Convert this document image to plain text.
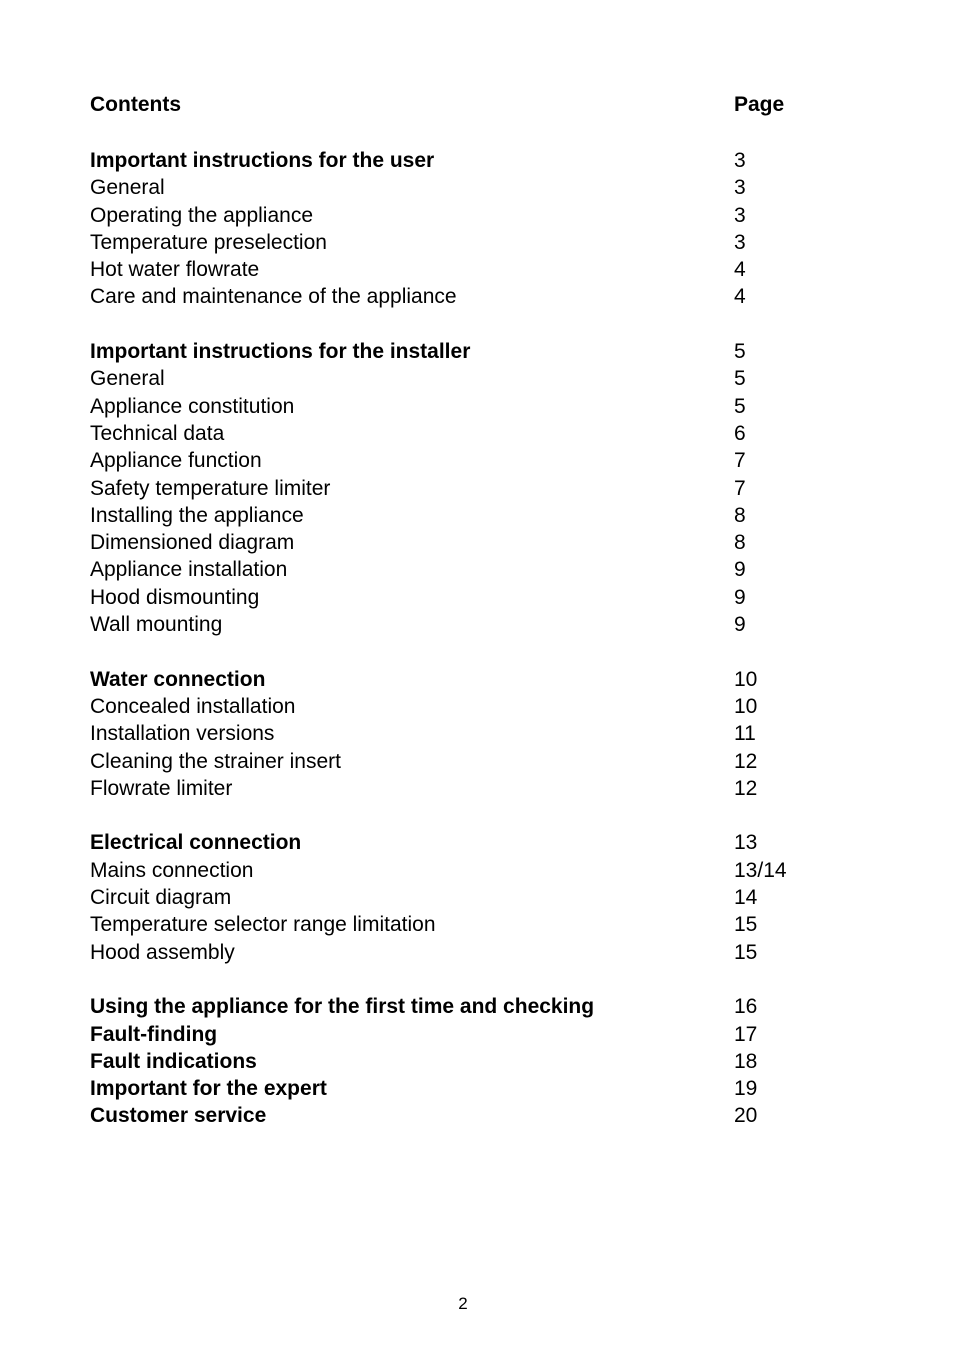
Contents	Page
Important instructions for the user	3
General	3
Operating the appliance	3
Temperature preselection	3
Hot water flowrate	4
Care and maintenance of the appliance	4
Important instructions for the installer	5
General	5
Appliance constitution	5
Technical data	6
Appliance function	7
Safety temperature limiter	7
Installing the appliance	8
Dimensioned diagram	8
Appliance installation	9
Hood dismounting	9
Wall mounting	9
Water connection	10
Concealed installation	10
Installation versions	11
Cleaning the strainer insert	12
Flowrate limiter	12
Electrical connection	13
Mains connection	13/14
Circuit diagram	14
Temperature selector range limitation	15
Hood assembly	15
Using the appliance for the first time and checking	16
Fault-finding	17
Fault indications	18
Important for the expert	19
Customer service	20
2
